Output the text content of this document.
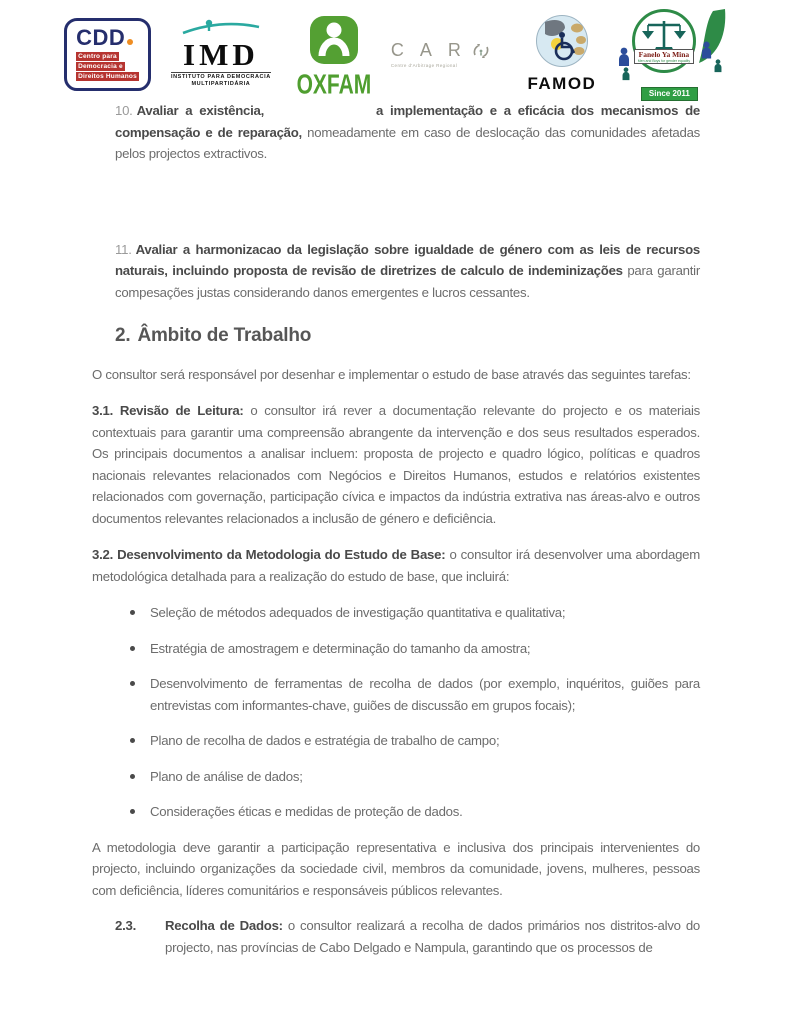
CDD
Centro para
Democracia e
Direitos Humanos
IMD
INSTITUTO PARA DEMOCRACIA
MULTIPARTIDÁRIA	OXFAM
C A R
Centre d'Arbitrage Regional
FAMOD
Fanelo Ya Mina
Men and Boys for gender equality
Since 2011

10. Avaliar a existência,	a implementação e a eficácia dos mecanismos de compensação e de reparação, nomeadamente em caso de deslocação das comunidades afetadas pelos projectos extractivos.

11. Avaliar a harmonizacao da legislação sobre igualdade de género com as leis de recursos naturais, incluindo proposta de revisão de diretrizes de calculo de indeminizações para garantir compesações justas considerando danos emergentes e lucros cessantes.

2. Âmbito de Trabalho

O consultor será responsável por desenhar e implementar o estudo de base através das seguintes tarefas:

3.1. Revisão de Leitura: o consultor irá rever a documentação relevante do projecto e os materiais contextuais para garantir uma compreensão abrangente da intervenção e dos seus resultados esperados. Os principais documentos a analisar incluem: proposta de projecto e quadro lógico, políticas e quadros nacionais relevantes relacionados com Negócios e Direitos Humanos, estudos e relatórios existentes relacionados com governação, participação cívica e impactos da indústria extrativa nas áreas-alvo e outros documentos relevantes relacionados a inclusão de género e deficiência.

3.2. Desenvolvimento da Metodologia do Estudo de Base: o consultor irá desenvolver uma abordagem metodológica detalhada para a realização do estudo de base, que incluirá:

Seleção de métodos adequados de investigação quantitativa e qualitativa;
Estratégia de amostragem e determinação do tamanho da amostra;
Desenvolvimento de ferramentas de recolha de dados (por exemplo, inquéritos, guiões para entrevistas com informantes-chave, guiões de discussão em grupos focais);
Plano de recolha de dados e estratégia de trabalho de campo;
Plano de análise de dados;
Considerações éticas e medidas de proteção de dados.

A metodologia deve garantir a participação representativa e inclusiva dos principais intervenientes do projecto, incluindo organizações da sociedade civil, membros da comunidade, jovens, mulheres, pessoas com deficiência, líderes comunitários e responsáveis públicos relevantes.

2.3.	Recolha de Dados: o consultor realizará a recolha de dados primários nos distritos-alvo do projecto, nas províncias de Cabo Delgado e Nampula, garantindo que os processos de
